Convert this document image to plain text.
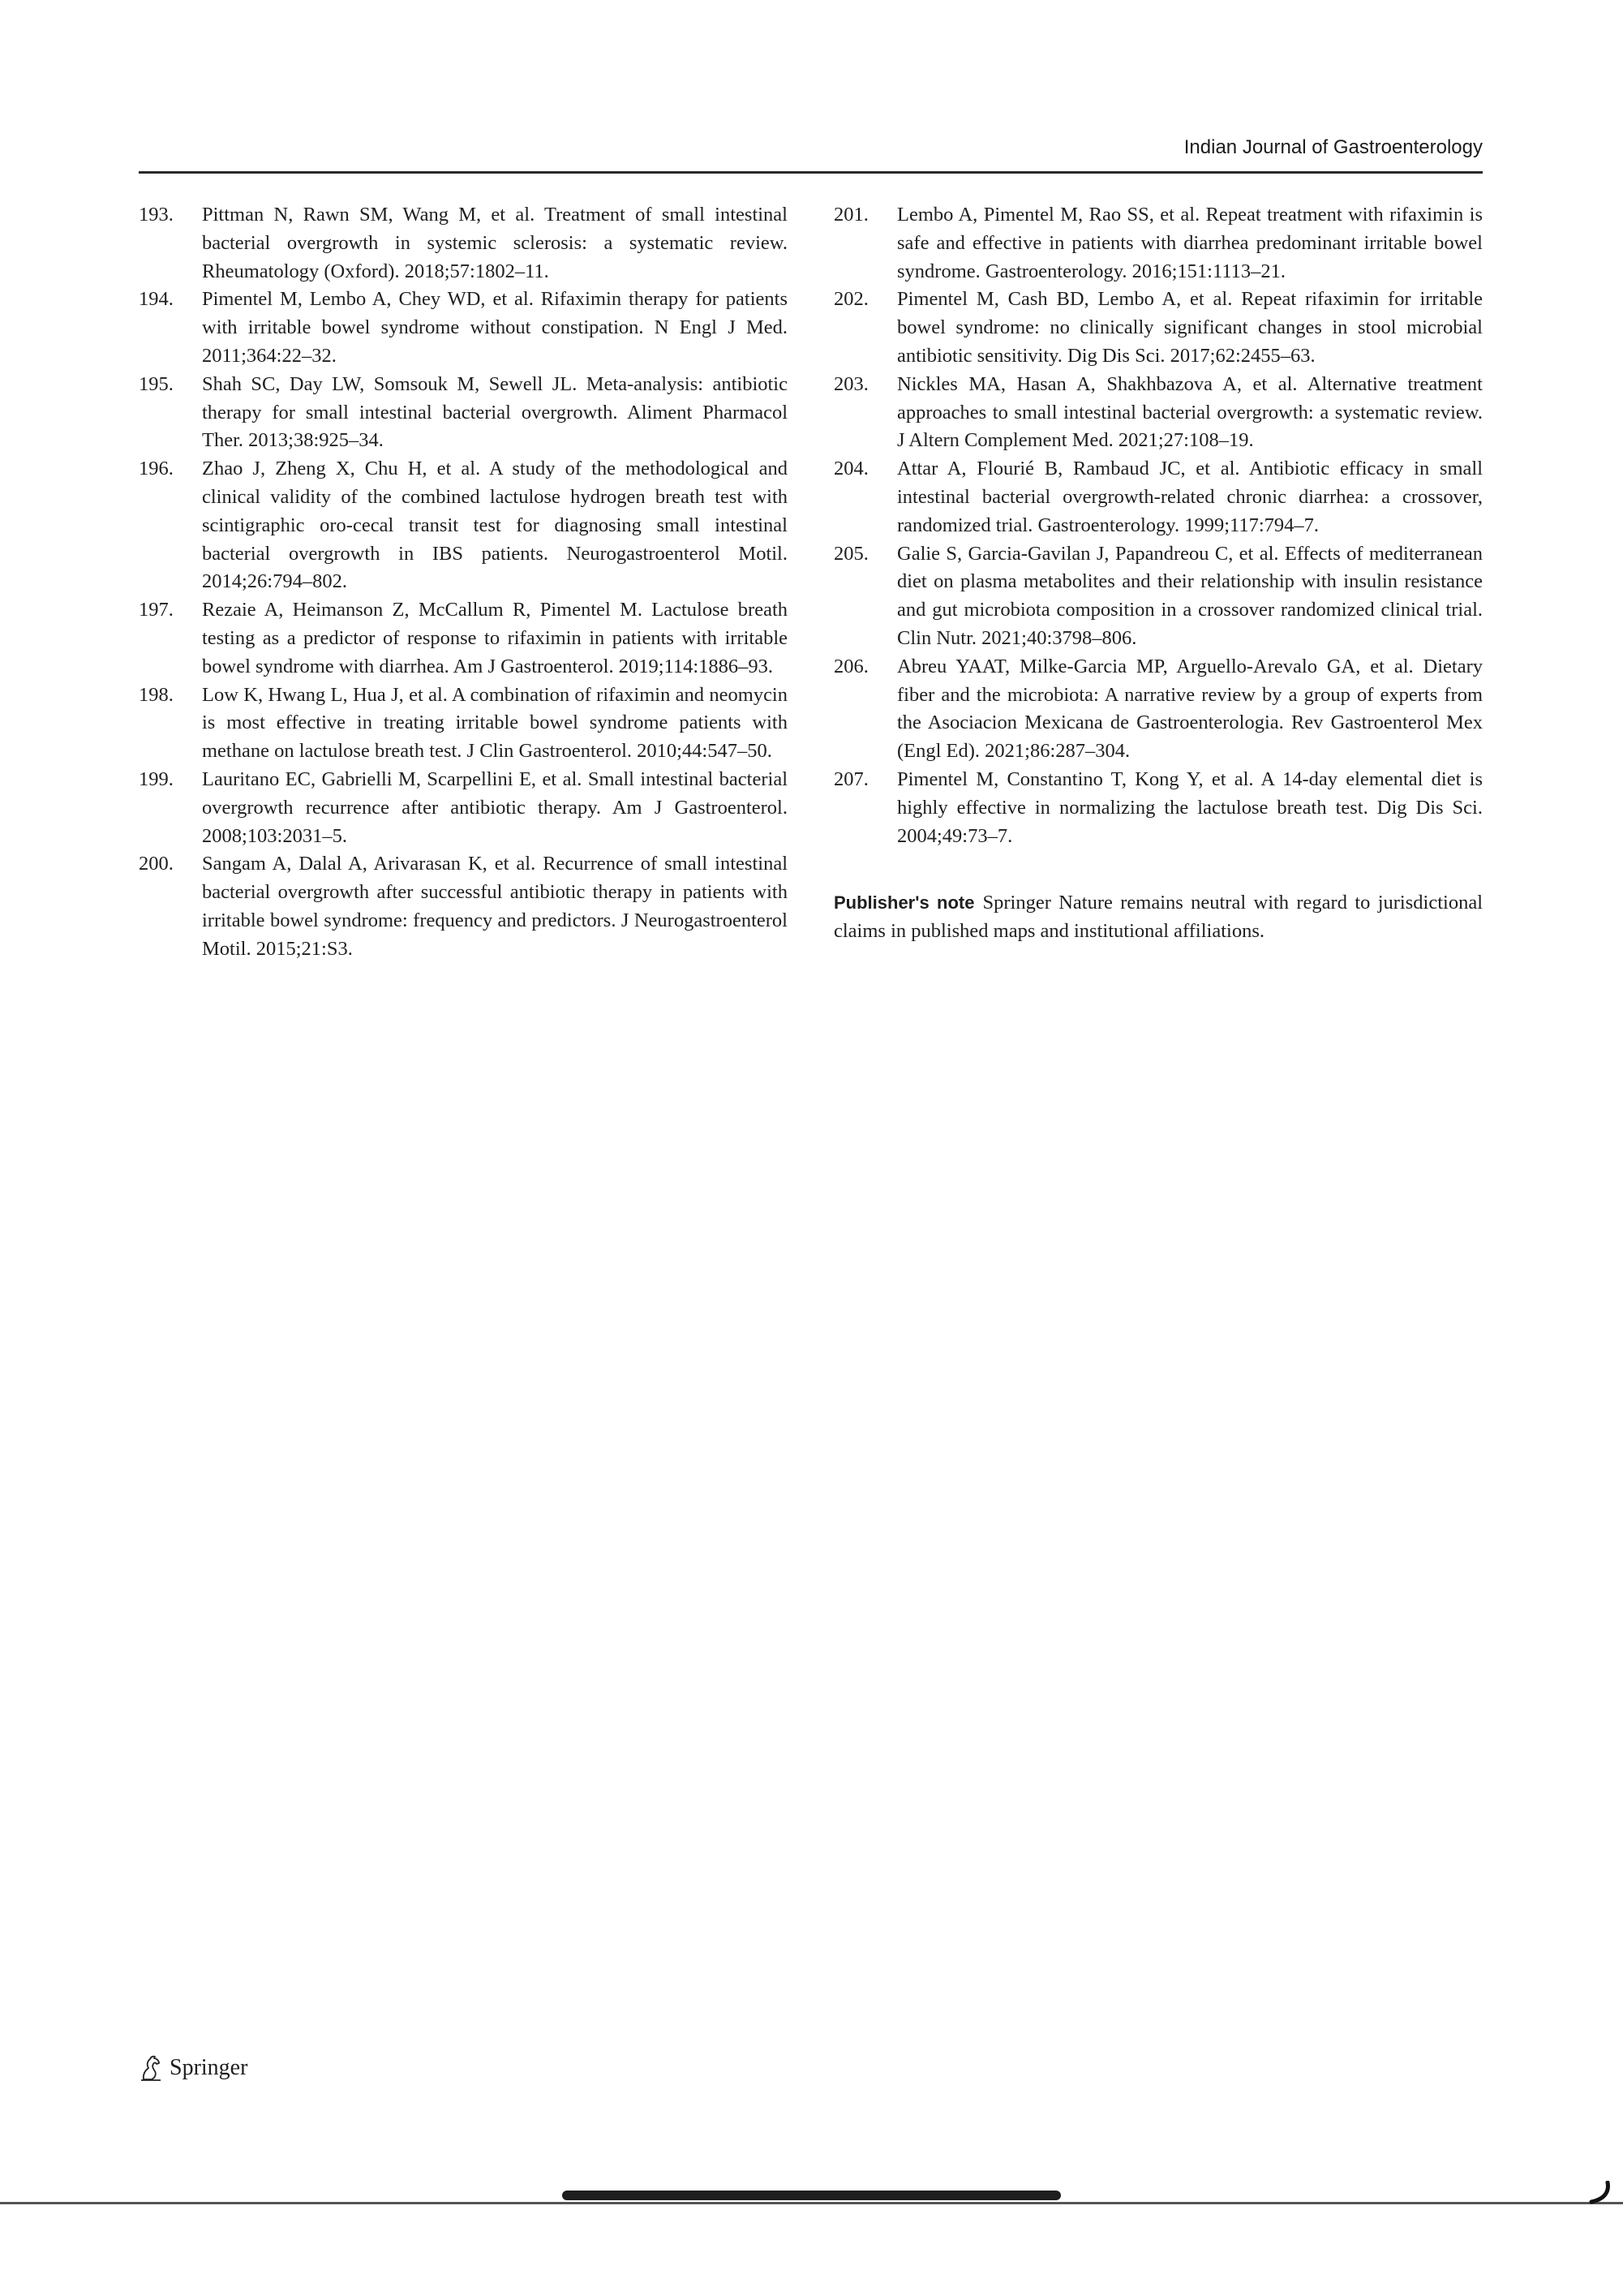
Indian Journal of Gastroenterology

193. Pittman N, Rawn SM, Wang M, et al. Treatment of small intestinal bacterial overgrowth in systemic sclerosis: a systematic review. Rheumatology (Oxford). 2018;57:1802–11.

194. Pimentel M, Lembo A, Chey WD, et al. Rifaximin therapy for patients with irritable bowel syndrome without constipation. N Engl J Med. 2011;364:22–32.

195. Shah SC, Day LW, Somsouk M, Sewell JL. Meta-analysis: antibiotic therapy for small intestinal bacterial overgrowth. Aliment Pharmacol Ther. 2013;38:925–34.

196. Zhao J, Zheng X, Chu H, et al. A study of the methodological and clinical validity of the combined lactulose hydrogen breath test with scintigraphic oro-cecal transit test for diagnosing small intestinal bacterial overgrowth in IBS patients. Neurogastroenterol Motil. 2014;26:794–802.

197. Rezaie A, Heimanson Z, McCallum R, Pimentel M. Lactulose breath testing as a predictor of response to rifaximin in patients with irritable bowel syndrome with diarrhea. Am J Gastroenterol. 2019;114:1886–93.

198. Low K, Hwang L, Hua J, et al. A combination of rifaximin and neomycin is most effective in treating irritable bowel syndrome patients with methane on lactulose breath test. J Clin Gastroenterol. 2010;44:547–50.

199. Lauritano EC, Gabrielli M, Scarpellini E, et al. Small intestinal bacterial overgrowth recurrence after antibiotic therapy. Am J Gastroenterol. 2008;103:2031–5.

200. Sangam A, Dalal A, Arivarasan K, et al. Recurrence of small intestinal bacterial overgrowth after successful antibiotic therapy in patients with irritable bowel syndrome: frequency and predictors. J Neurogastroenterol Motil. 2015;21:S3.

201. Lembo A, Pimentel M, Rao SS, et al. Repeat treatment with rifaximin is safe and effective in patients with diarrhea predominant irritable bowel syndrome. Gastroenterology. 2016;151:1113–21.

202. Pimentel M, Cash BD, Lembo A, et al. Repeat rifaximin for irritable bowel syndrome: no clinically significant changes in stool microbial antibiotic sensitivity. Dig Dis Sci. 2017;62:2455–63.

203. Nickles MA, Hasan A, Shakhbazova A, et al. Alternative treatment approaches to small intestinal bacterial overgrowth: a systematic review. J Altern Complement Med. 2021;27:108–19.

204. Attar A, Flourié B, Rambaud JC, et al. Antibiotic efficacy in small intestinal bacterial overgrowth-related chronic diarrhea: a crossover, randomized trial. Gastroenterology. 1999;117:794–7.

205. Galie S, Garcia-Gavilan J, Papandreou C, et al. Effects of mediterranean diet on plasma metabolites and their relationship with insulin resistance and gut microbiota composition in a crossover randomized clinical trial. Clin Nutr. 2021;40:3798–806.

206. Abreu YAAT, Milke-Garcia MP, Arguello-Arevalo GA, et al. Dietary fiber and the microbiota: A narrative review by a group of experts from the Asociacion Mexicana de Gastroenterologia. Rev Gastroenterol Mex (Engl Ed). 2021;86:287–304.

207. Pimentel M, Constantino T, Kong Y, et al. A 14-day elemental diet is highly effective in normalizing the lactulose breath test. Dig Dis Sci. 2004;49:73–7.

Publisher's note Springer Nature remains neutral with regard to jurisdictional claims in published maps and institutional affiliations.
Springer
